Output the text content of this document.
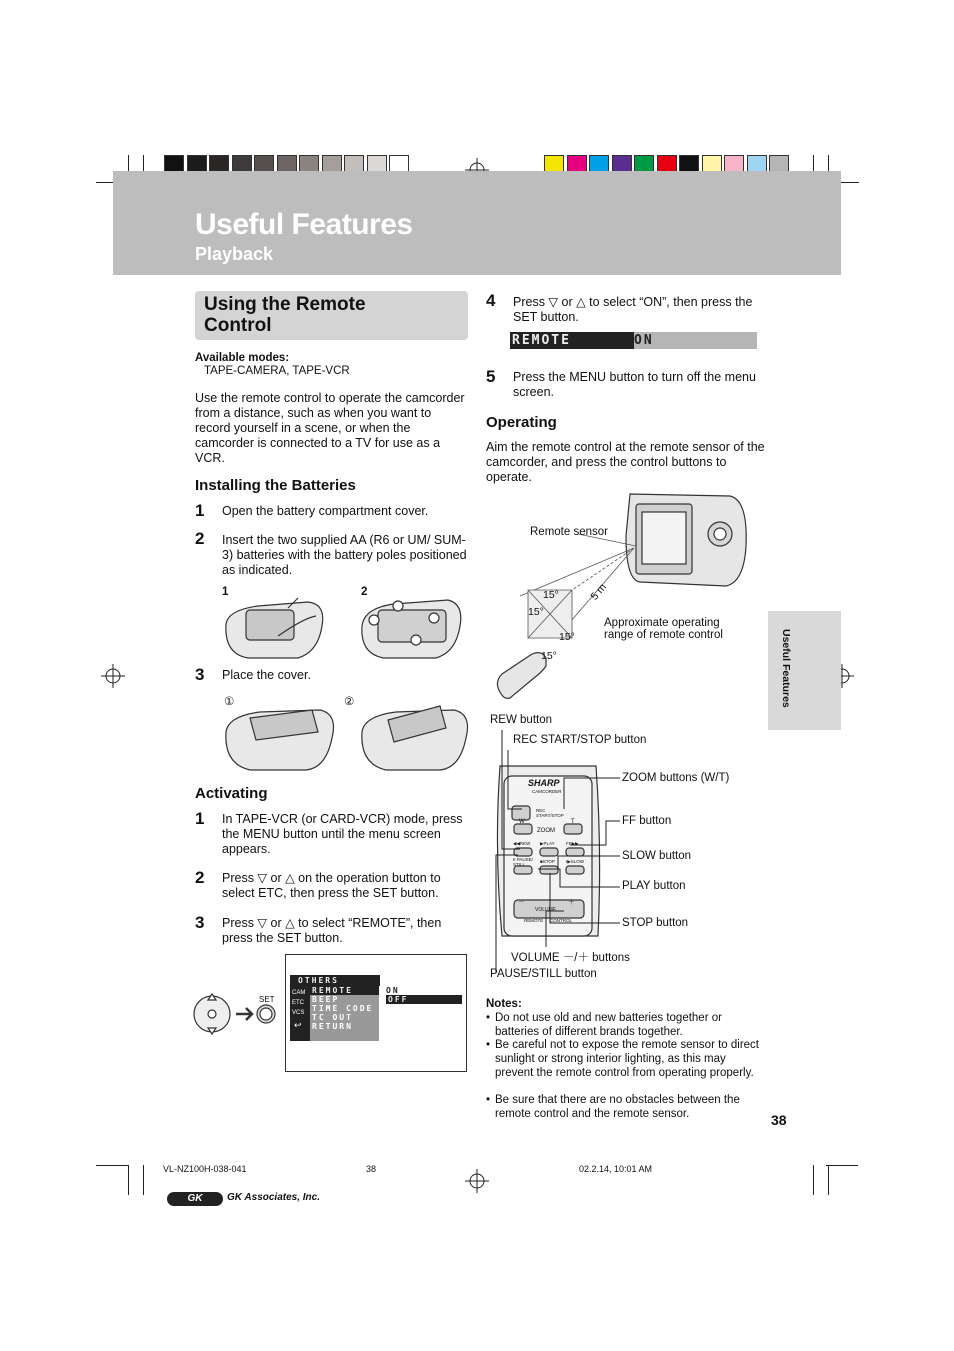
Useful Features
Playback
Using the Remote Control
Available modes:
TAPE-CAMERA, TAPE-VCR
Use the remote control to operate the camcorder from a distance, such as when you want to record yourself in a scene, or when the camcorder is connected to a TV for use as a VCR.
Installing the Batteries
1 Open the battery compartment cover.
2 Insert the two supplied AA (R6 or UM/ SUM-3) batteries with the battery poles positioned as indicated.
1	2
3 Place the cover.
①	②
Activating
1 In TAPE-VCR (or CARD-VCR) mode, press the MENU button until the menu screen appears.
2 Press ▽ or △ on the operation button to select ETC, then press the SET button.
3 Press ▽ or △ to select “REMOTE”, then press the SET button.
SET
OTHERS
CAM
ETC
VCS
↩
REMOTE
BEEP
TIME CODE
TC OUT
RETURN
ON
OFF
4 Press ▽ or △ to select “ON”, then press the SET button.
REMOTE	ON
5 Press the MENU button to turn off the menu screen.
Operating
Aim the remote control at the remote sensor of the camcorder, and press the control buttons to operate.
Remote sensor
15°
15°
15°
15°
5 m
Approximate operating range of remote control
SHARP
CAMCORDER
REC START/STOP
W	T
ZOOM
◀◀REW ▶PLAY	FF▶▶
II PAUSE/ STILL
■STOP I▶SLOW
－	＋
VOLUME
REMOTE CONTROL
REW button
REC START/STOP button
ZOOM buttons (W/T)
FF button
SLOW button
PLAY button
STOP button
VOLUME －/＋ buttons
PAUSE/STILL button
Notes:
• Do not use old and new batteries together or batteries of different brands together.
• Be careful not to expose the remote sensor to direct sunlight or strong interior lighting, as this may prevent the remote control from operating properly.
• Be sure that there are no obstacles between the remote control and the remote sensor.
Useful Features
38
VL-NZ100H-038-041	38	02.2.14, 10:01 AM
GK	GK Associates, Inc.
